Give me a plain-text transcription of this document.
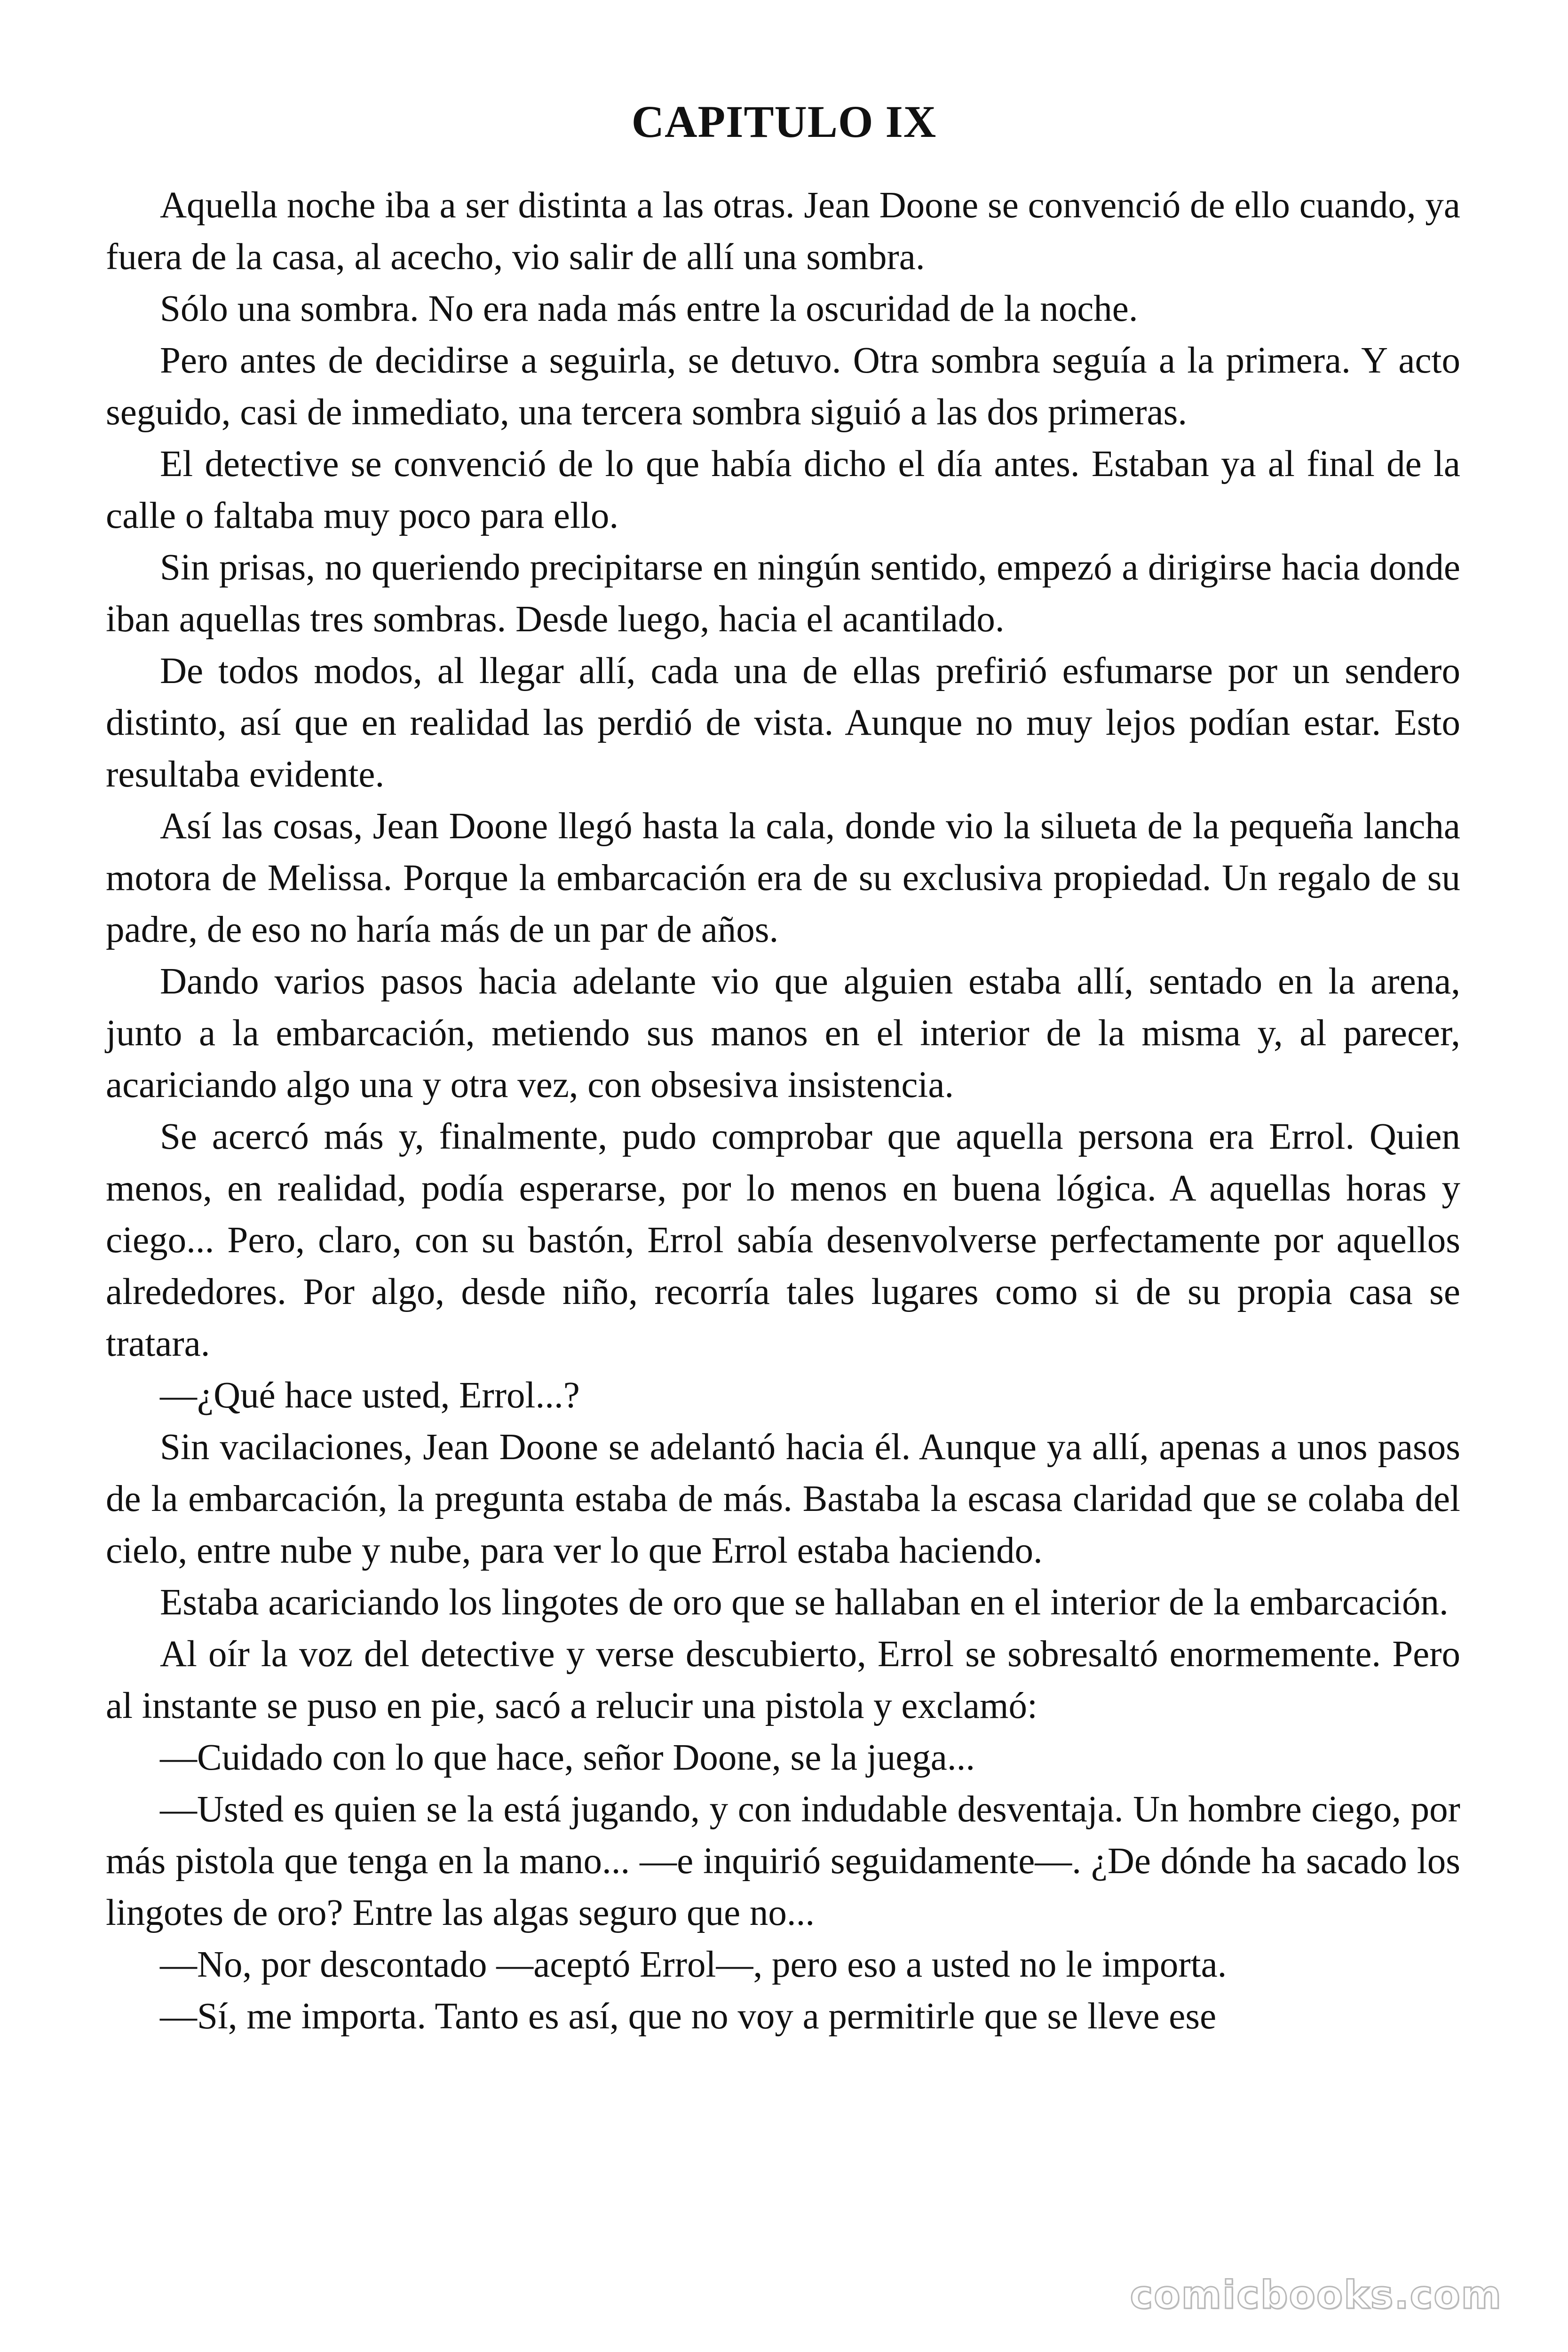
CAPITULO IX

Aquella noche iba a ser distinta a las otras. Jean Doone se convenció de ello cuando, ya fuera de la casa, al acecho, vio salir de allí una sombra.

Sólo una sombra. No era nada más entre la oscuridad de la noche.

Pero antes de decidirse a seguirla, se detuvo. Otra sombra seguía a la primera. Y acto seguido, casi de inmediato, una tercera sombra siguió a las dos primeras.

El detective se convenció de lo que había dicho el día antes. Estaban ya al final de la calle o faltaba muy poco para ello.

Sin prisas, no queriendo precipitarse en ningún sentido, empezó a dirigirse hacia donde iban aquellas tres sombras. Desde luego, hacia el acantilado.

De todos modos, al llegar allí, cada una de ellas prefirió esfumarse por un sendero distinto, así que en realidad las perdió de vista. Aunque no muy lejos podían estar. Esto resultaba evidente.

Así las cosas, Jean Doone llegó hasta la cala, donde vio la silueta de la pequeña lancha motora de Melissa. Porque la embarcación era de su exclusiva propiedad. Un regalo de su padre, de eso no haría más de un par de años.

Dando varios pasos hacia adelante vio que alguien estaba allí, sentado en la arena, junto a la embarcación, metiendo sus manos en el interior de la misma y, al parecer, acariciando algo una y otra vez, con obsesiva insistencia.

Se acercó más y, finalmente, pudo comprobar que aquella persona era Errol. Quien menos, en realidad, podía esperarse, por lo menos en buena lógica. A aquellas horas y ciego... Pero, claro, con su bastón, Errol sabía desenvolverse perfectamente por aquellos alrededores. Por algo, desde niño, recorría tales lugares como si de su propia casa se tratara.

—¿Qué hace usted, Errol...?

Sin vacilaciones, Jean Doone se adelantó hacia él. Aunque ya allí, apenas a unos pasos de la embarcación, la pregunta estaba de más. Bastaba la escasa claridad que se colaba del cielo, entre nube y nube, para ver lo que Errol estaba haciendo.

Estaba acariciando los lingotes de oro que se hallaban en el interior de la embarcación.

Al oír la voz del detective y verse descubierto, Errol se sobresaltó enormemente. Pero al instante se puso en pie, sacó a relucir una pistola y exclamó:

—Cuidado con lo que hace, señor Doone, se la juega...

—Usted es quien se la está jugando, y con indudable desventaja. Un hombre ciego, por más pistola que tenga en la mano... —e inquirió seguidamente—. ¿De dónde ha sacado los lingotes de oro? Entre las algas seguro que no...

—No, por descontado —aceptó Errol—, pero eso a usted no le importa.

—Sí, me importa. Tanto es así, que no voy a permitirle que se lleve ese

comicbooks.com
